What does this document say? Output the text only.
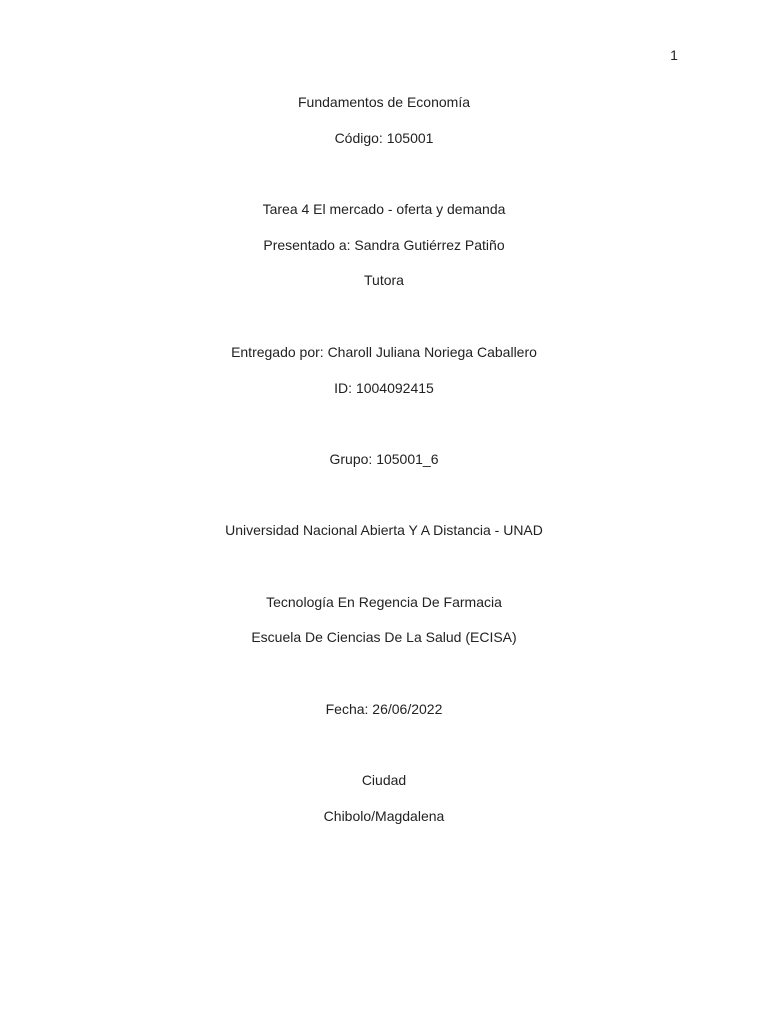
1
Fundamentos de Economía
Código: 105001
Tarea 4 El mercado - oferta y demanda
Presentado a: Sandra Gutiérrez Patiño
Tutora
Entregado por: Charoll Juliana Noriega Caballero
ID: 1004092415
Grupo: 105001_6
Universidad Nacional Abierta Y A Distancia - UNAD
Tecnología En Regencia De Farmacia
Escuela De Ciencias De La Salud (ECISA)
Fecha: 26/06/2022
Ciudad
Chibolo/Magdalena
